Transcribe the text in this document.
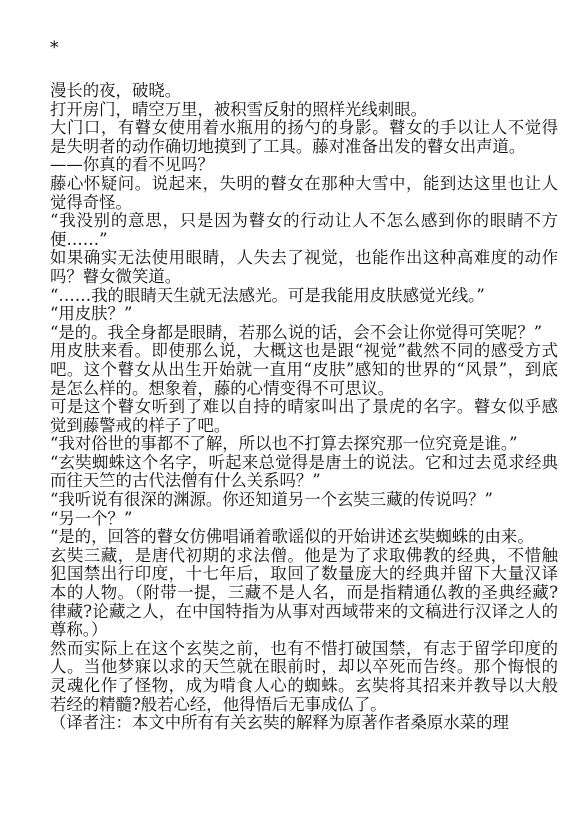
*

漫长的夜，破晓。

打开房门，晴空万里，被积雪反射的照样光线刺眼。

大门口，有瞽女使用着水瓶用的扬勺的身影。瞽女的手以让人不觉得是失明者的动作确切地摸到了工具。藤对准备出发的瞽女出声道。

——你真的看不见吗？

藤心怀疑问。说起来，失明的瞽女在那种大雪中，能到达这里也让人觉得奇怪。

“我没别的意思，只是因为瞽女的行动让人不怎么感到你的眼睛不方便……”

如果确实无法使用眼睛，人失去了视觉，也能作出这种高难度的动作吗？瞽女微笑道。

“……我的眼睛天生就无法感光。可是我能用皮肤感觉光线。”

“用皮肤？”

“是的。我全身都是眼睛，若那么说的话，会不会让你觉得可笑呢？”

用皮肤来看。即使那么说，大概这也是跟“视觉”截然不同的感受方式吧。这个瞽女从出生开始就一直用“皮肤”感知的世界的“风景”，到底是怎么样的。想象着，藤的心情变得不可思议。

可是这个瞽女听到了难以自持的晴家叫出了景虎的名字。瞽女似乎感觉到藤警戒的样子了吧。

“我对俗世的事都不了解，所以也不打算去探究那一位究竟是谁。”

“玄奘蜘蛛这个名字，听起来总觉得是唐土的说法。它和过去觅求经典而往天竺的古代法僧有什么关系吗？”

“我听说有很深的渊源。你还知道另一个玄奘三藏的传说吗？”

“另一个？”

“是的，回答的瞽女仿佛唱诵着歌谣似的开始讲述玄奘蜘蛛的由来。

玄奘三藏，是唐代初期的求法僧。他是为了求取佛教的经典，不惜触犯国禁出行印度，十七年后，取回了数量庞大的经典并留下大量汉译本的人物。（附带一提，三藏不是人名，而是指精通仏教的圣典经藏?律藏?论藏之人，在中国特指为从事对西域带来的文稿进行汉译之人的尊称。）

然而实际上在这个玄奘之前，也有不惜打破国禁，有志于留学印度的人。当他梦寐以求的天竺就在眼前时，却以卒死而告终。那个悔恨的灵魂化作了怪物，成为啃食人心的蜘蛛。玄奘将其招来并教导以大般若经的精髓?般若心经，他得悟后无事成仏了。

（译者注：本文中所有有关玄奘的解释为原著作者桑原水菜的理
